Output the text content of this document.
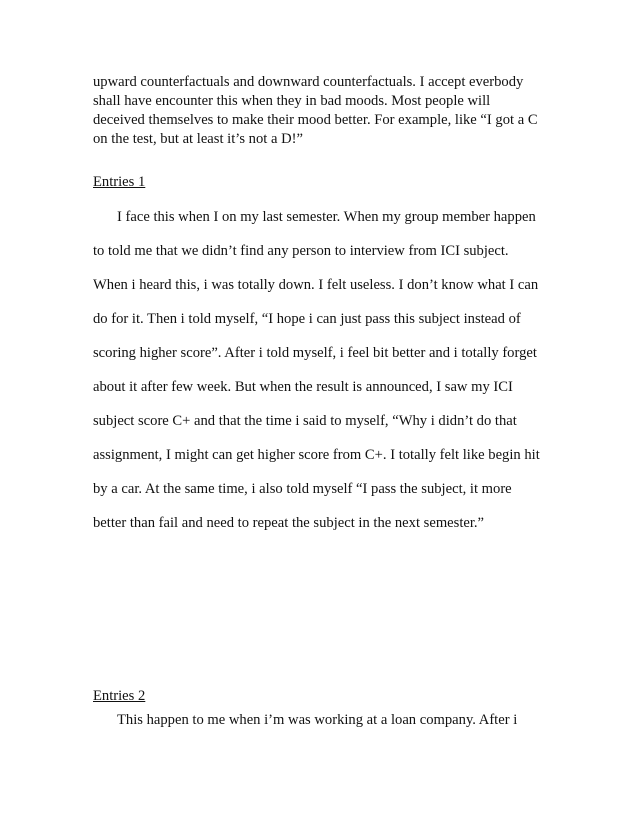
upward counterfactuals and downward counterfactuals. I accept everbody
shall have encounter this when they in bad moods. Most people will
deceived themselves to make their mood better. For example, like “I got a C
on the test, but at least it’s not a D!”
Entries 1
I face this when I on my last semester. When my group member happen
to told me that we didn’t find any person to interview from ICI subject.
When i heard this, i was totally down. I felt useless. I don’t know what I can
do for it. Then i told myself, “I hope i can just pass this subject instead of
scoring higher score”. After i told myself, i feel bit better and i totally forget
about it after few week. But when the result is announced, I saw my ICI
subject score C+ and that the time i said to myself, “Why i didn’t do that
assignment, I might can get higher score from C+. I totally felt like begin hit
by a car. At the same time, i also told myself “I pass the subject, it more
better than fail and need to repeat the subject in the next semester.”
Entries 2
This happen to me when i’m was working at a loan company. After i
